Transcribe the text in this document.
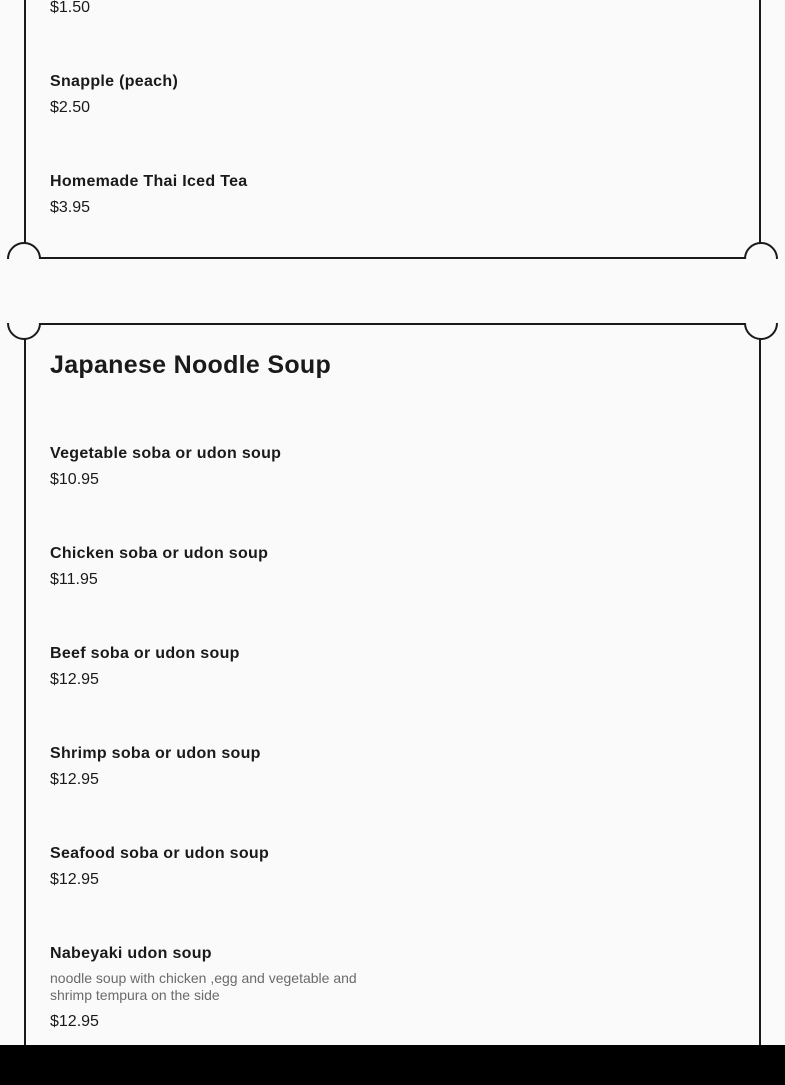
$1.50
Snapple (peach)
$2.50
Homemade Thai Iced Tea
$3.95
Japanese Noodle Soup
Vegetable soba or udon soup
$10.95
Chicken soba or udon soup
$11.95
Beef soba or udon soup
$12.95
Shrimp soba or udon soup
$12.95
Seafood soba or udon soup
$12.95
Nabeyaki udon soup
noodle soup with chicken ,egg and vegetable and shrimp tempura on the side
$12.95
